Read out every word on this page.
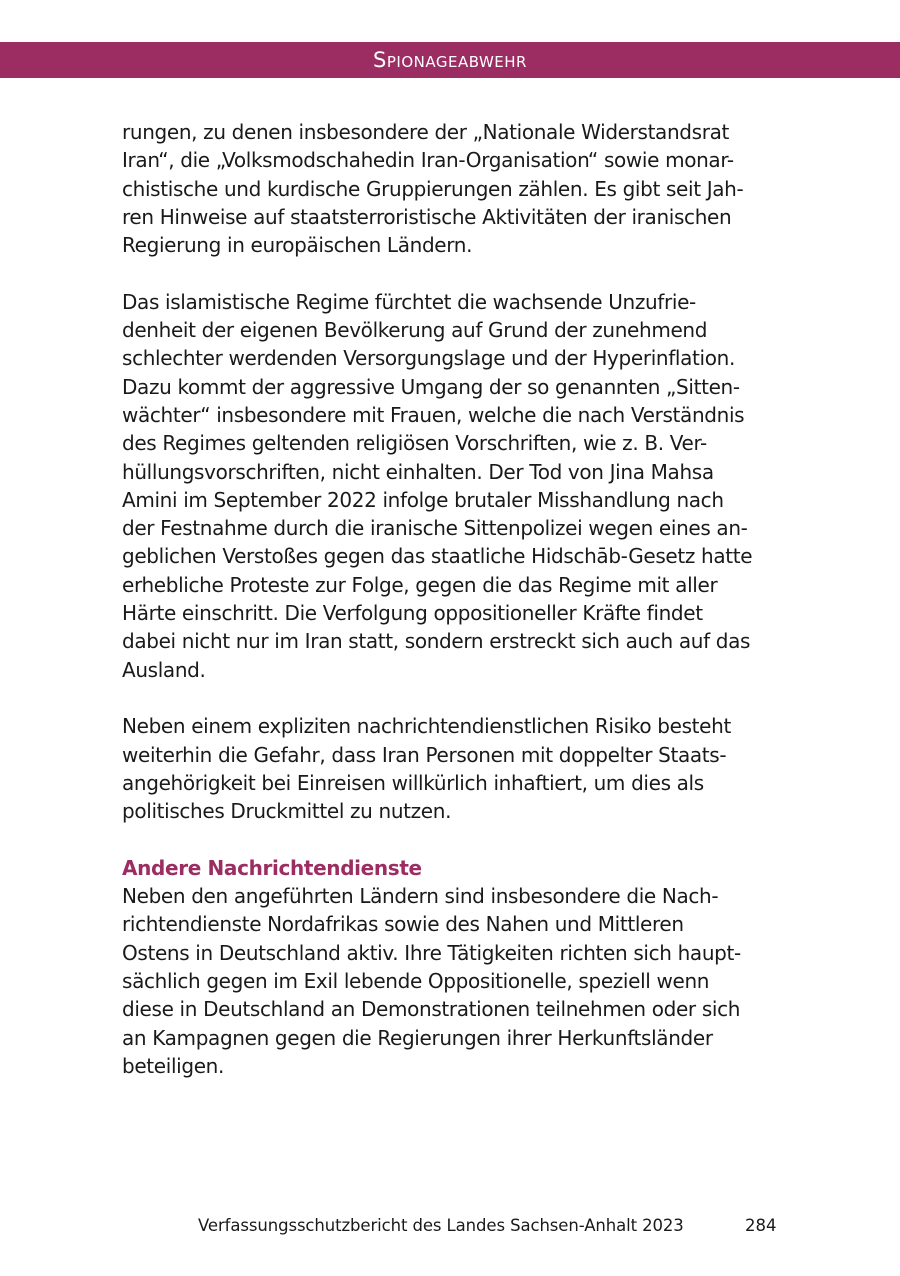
Spionageabwehr

rungen, zu denen insbesondere der „Nationale Widerstandsrat
Iran“, die „Volksmodschahedin Iran-Organisation“ sowie monar-
chistische und kurdische Gruppierungen zählen. Es gibt seit Jah-
ren Hinweise auf staatsterroristische Aktivitäten der iranischen
Regierung in europäischen Ländern.

Das islamistische Regime fürchtet die wachsende Unzufrie-
denheit der eigenen Bevölkerung auf Grund der zunehmend
schlechter werdenden Versorgungslage und der Hyperinflation.
Dazu kommt der aggressive Umgang der so genannten „Sitten-
wächter“ insbesondere mit Frauen, welche die nach Verständnis
des Regimes geltenden religiösen Vorschriften, wie z. B. Ver-
hüllungsvorschriften, nicht einhalten. Der Tod von Jina Mahsa
Amini im September 2022 infolge brutaler Misshandlung nach
der Festnahme durch die iranische Sittenpolizei wegen eines an-
geblichen Verstoßes gegen das staatliche Hidschāb-Gesetz hatte
erhebliche Proteste zur Folge, gegen die das Regime mit aller
Härte einschritt. Die Verfolgung oppositioneller Kräfte findet
dabei nicht nur im Iran statt, sondern erstreckt sich auch auf das
Ausland.

Neben einem expliziten nachrichtendienstlichen Risiko besteht
weiterhin die Gefahr, dass Iran Personen mit doppelter Staats-
angehörigkeit bei Einreisen willkürlich inhaftiert, um dies als
politisches Druckmittel zu nutzen.

Andere Nachrichtendienste

Neben den angeführten Ländern sind insbesondere die Nach-
richtendienste Nordafrikas sowie des Nahen und Mittleren
Ostens in Deutschland aktiv. Ihre Tätigkeiten richten sich haupt-
sächlich gegen im Exil lebende Oppositionelle, speziell wenn
diese in Deutschland an Demonstrationen teilnehmen oder sich
an Kampagnen gegen die Regierungen ihrer Herkunftsländer
beteiligen.

Verfassungsschutzbericht des Landes Sachsen-Anhalt 2023	284
